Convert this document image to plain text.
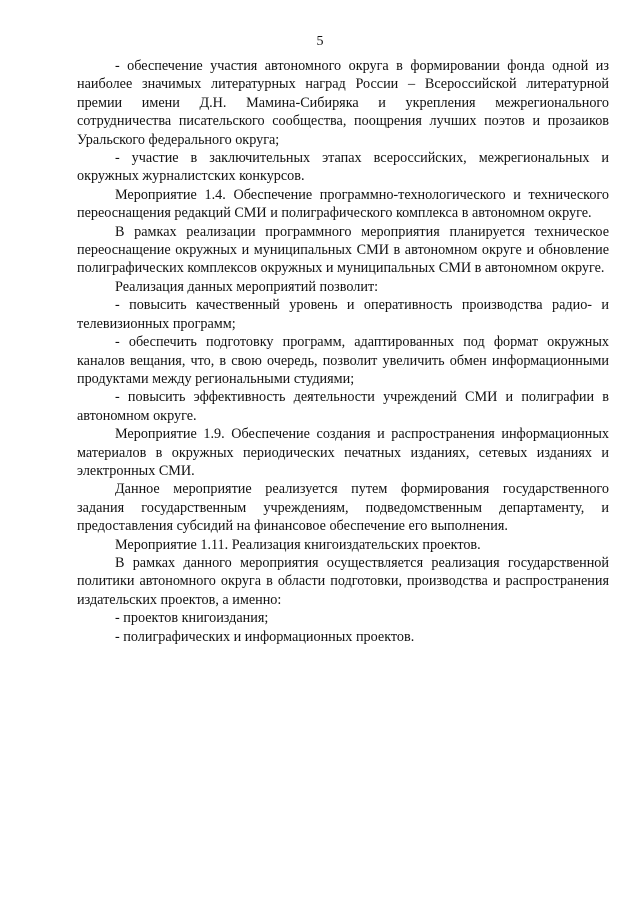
5

- обеспечение участия автономного округа в формировании фонда одной из наиболее значимых литературных наград России – Всероссийской литературной премии имени Д.Н. Мамина-Сибиряка и укрепления межрегионального сотрудничества писательского сообщества, поощрения лучших поэтов и прозаиков Уральского федерального округа;

- участие в заключительных этапах всероссийских, межрегиональных и окружных журналистских конкурсов.

Мероприятие 1.4. Обеспечение программно-технологического и технического переоснащения редакций СМИ и полиграфического комплекса в автономном округе.

В рамках реализации программного мероприятия планируется техническое переоснащение окружных и муниципальных СМИ в автономном округе и обновление полиграфических комплексов окружных и муниципальных СМИ в автономном округе.

Реализация данных мероприятий позволит:

- повысить качественный уровень и оперативность производства радио- и телевизионных программ;

- обеспечить подготовку программ, адаптированных под формат окружных каналов вещания, что, в свою очередь, позволит увеличить обмен информационными продуктами между региональными студиями;

- повысить эффективность деятельности учреждений СМИ и полиграфии в автономном округе.

Мероприятие 1.9. Обеспечение создания и распространения информационных материалов в окружных периодических печатных изданиях, сетевых изданиях и электронных СМИ.

Данное мероприятие реализуется путем формирования государственного задания государственным учреждениям, подведомственным департаменту, и предоставления субсидий на финансовое обеспечение его выполнения.

Мероприятие 1.11. Реализация книгоиздательских проектов.

В рамках данного мероприятия осуществляется реализация государственной политики автономного округа в области подготовки, производства и распространения издательских проектов, а именно:

- проектов книгоиздания;

- полиграфических и информационных проектов.
